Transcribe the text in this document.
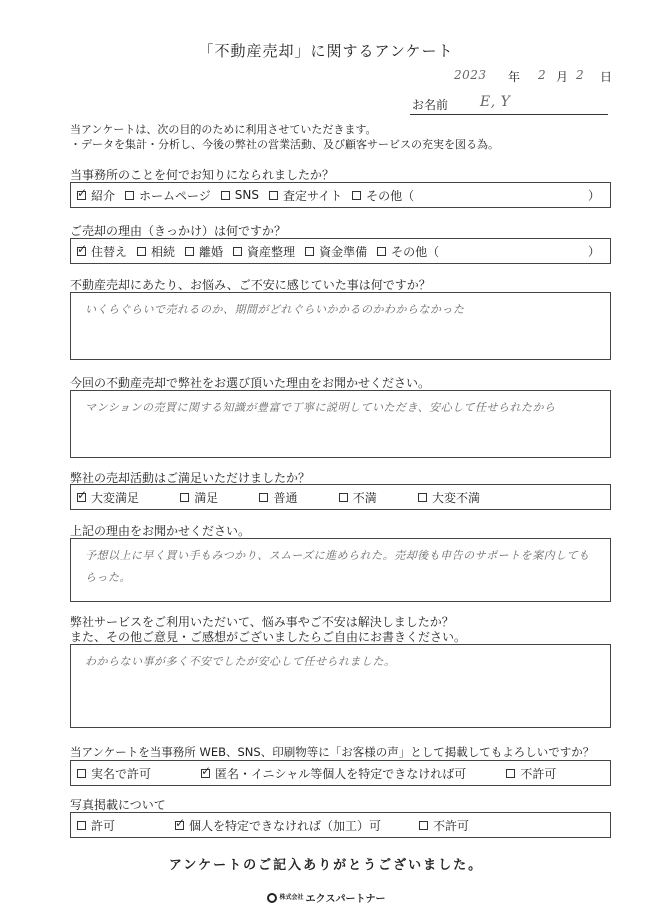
「不動産売却」に関するアンケート
2023 年 2 月 2 日
お名前 E, Y
当アンケートは、次の目的のために利用させていただきます。
・データを集計・分析し、今後の弊社の営業活動、及び顧客サービスの充実を図る為。
当事務所のことを何でお知りになられましたか？
✓
紹介 ホームページ SNS 査定サイト その他（	）
ご売却の理由（きっかけ）は何ですか？
✓
住替え 相続 離婚 資産整理 資金準備 その他（	）
不動産売却にあたり、お悩み、ご不安に感じていた事は何ですか？
いくらぐらいで売れるのか、期間がどれぐらいかかるのかわからなかった
今回の不動産売却で弊社をお選び頂いた理由をお聞かせください。
マンションの売買に関する知識が豊富で丁寧に説明していただき、安心して任せられたから
弊社の売却活動はご満足いただけましたか？
✓
大変満足	満足	普通	不満	大変不満
上記の理由をお聞かせください。
予想以上に早く買い手もみつかり、スムーズに進められた。売却後も申告のサポートを案内してもらった。
弊社サービスをご利用いただいて、悩み事やご不安は解決しましたか？
また、その他ご意見・ご感想がございましたらご自由にお書きください。
わからない事が多く不安でしたが安心して任せられました。
当アンケートを当事務所 WEB、SNS、印刷物等に「お客様の声」として掲載してもよろしいですか？
実名で許可 ✓	匿名・イニシャル等個人を特定できなければ可	不許可
写真掲載について
許可 ✓	個人を特定できなければ（加工）可	不許可
アンケートのご記入ありがとうございました。
株式会社 エクスパートナー
